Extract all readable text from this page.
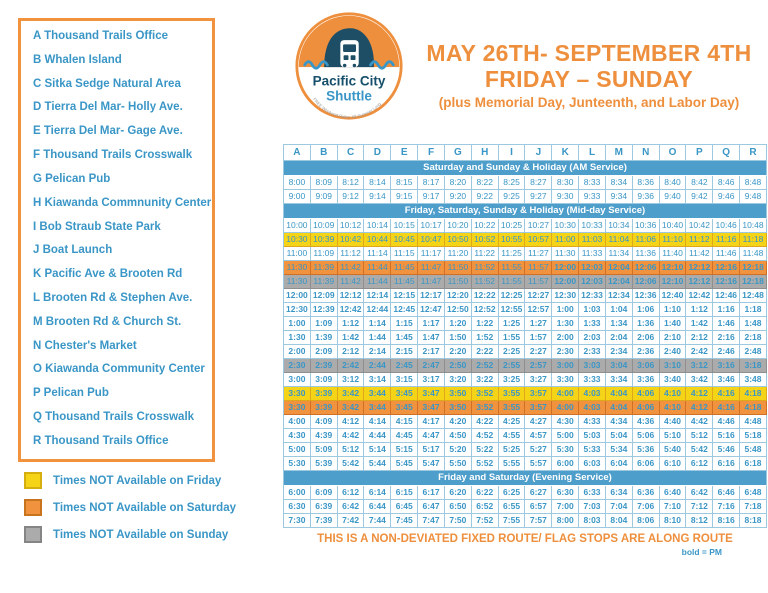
A Thousand Trails Office
B Whalen Island
C Sitka Sedge Natural Area
D Tierra Del Mar- Holly Ave.
E Tierra Del Mar- Gage Ave.
F Thousand Trails Crosswalk
G Pelican Pub
H Kiawanda Commnunity Center
I Bob Straub State Park
J Boat Launch
K Pacific Ave & Brooten Rd
L Brooten Rd & Stephen Ave.
M Brooten Rd & Church St.
N Chester's Market
O Kiawanda Community Center
P Pelican Pub
Q Thousand Trails Crosswalk
R Thousand Trails Office
Times NOT Available on Friday
Times NOT Available on Saturday
Times NOT Available on Sunday
Pacific City
Shuttle
FREE Weekend Rides, All Summer Long
MAY 26TH- SEPTEMBER 4TH
FRIDAY – SUNDAY
(plus Memorial Day, Junteenth, and Labor Day)
A	B	C	D	E	F	G	H	I	J	K	L	M	N	O	P	Q	R
Saturday and Sunday & Holiday (AM Service)
8:00	8:09	8:12	8:14	8:15	8:17	8:20	8:22	8:25	8:27	8:30	8:33	8:34	8:36	8:40	8:42	8:46	8:48
9:00	9:09	9:12	9:14	9:15	9:17	9:20	9:22	9:25	9:27	9:30	9:33	9:34	9:36	9:40	9:42	9:46	9:48
Friday, Saturday, Sunday & Holiday (Mid-day Service)
10:00 10:09 10:12 10:14 10:15 10:17 10:20 10:22 10:25 10:27 10:30 10:33 10:34 10:36 10:40 10:42 10:46 10:48
10:30 10:39 10:42 10:44 10:45 10:47 10:50 10:52 10:55 10:57 11:00 11:03 11:04 11:06 11:10 11:12 11:16 11:18
11:00 11:09 11:12 11:14 11:15 11:17 11:20 11:22 11:25 11:27 11:30 11:33 11:34 11:36 11:40 11:42 11:46 11:48
11:30 11:39 11:42 11:44 11:45 11:47 11:50 11:52 11:55 11:57 12:00 12:03 12:04 12:06 12:10 12:12 12:16 12:18
11:30 11:39 11:42 11:44 11:45 11:47 11:50 11:52 11:55 11:57 12:00 12:03 12:04 12:06 12:10 12:12 12:16 12:18
12:00 12:09 12:12 12:14 12:15 12:17 12:20 12:22 12:25 12:27 12:30 12:33 12:34 12:36 12:40 12:42 12:46 12:48
12:30 12:39 12:42 12:44 12:45 12:47 12:50 12:52 12:55 12:57 1:00	1:03	1:04	1:06	1:10	1:12	1:16	1:18
1:00	1:09	1:12	1:14	1:15	1:17	1:20	1:22	1:25	1:27	1:30	1:33	1:34	1:36	1:40	1:42	1:46	1:48
1:30	1:39	1:42	1:44	1:45	1:47	1:50	1:52	1:55	1:57	2:00	2:03	2:04	2:06	2:10	2:12	2:16	2:18
2:00	2:09	2:12	2:14	2:15	2:17	2:20	2:22	2:25	2:27	2:30	2:33	2:34	2:36	2:40	2:42	2:46	2:48
2:30	2:39	2:42	2:44	2:45	2:47	2:50	2:52	2:55	2:57	3:00	3:03	3:04	3:06	3:10	3:12	3:16	3:18
3:00	3:09	3:12	3:14	3:15	3:17	3:20	3:22	3:25	3:27	3:30	3:33	3:34	3:36	3:40	3:42	3:46	3:48
3:30	3:39	3:42	3:44	3:45	3:47	3:50	3:52	3:55	3:57	4:00	4:03	4:04	4:06	4:10	4:12	4:16	4:18
3:30	3:39	3:42	3:44	3:45	3:47	3:50	3:52	3:55	3:57	4:00	4:03	4:04	4:06	4:10	4:12	4:16	4:18
4:00	4:09	4:12	4:14	4:15	4:17	4:20	4:22	4:25	4:27	4:30	4:33	4:34	4:36	4:40	4:42	4:46	4:48
4:30	4:39	4:42	4:44	4:45	4:47	4:50	4:52	4:55	4:57	5:00	5:03	5:04	5:06	5:10	5:12	5:16	5:18
5:00	5:09	5:12	5:14	5:15	5:17	5:20	5:22	5:25	5:27	5:30	5:33	5:34	5:36	5:40	5:42	5:46	5:48
5:30	5:39	5:42	5:44	5:45	5:47	5:50	5:52	5:55	5:57	6:00	6:03	6:04	6:06	6:10	6:12	6:16	6:18
Friday and Saturday (Evening Service)
6:00	6:09	6:12	6:14	6:15	6:17	6:20	6:22	6:25	6:27	6:30	6:33	6:34	6:36	6:40	6:42	6:46	6:48
6:30	6:39	6:42	6:44	6:45	6:47	6:50	6:52	6:55	6:57	7:00	7:03	7:04	7:06	7:10	7:12	7:16	7:18
7:30	7:39	7:42	7:44	7:45	7:47	7:50	7:52	7:55	7:57	8:00	8:03	8:04	8:06	8:10	8:12	8:16	8:18
THIS IS A NON-DEVIATED FIXED ROUTE/ FLAG STOPS ARE ALONG ROUTE
bold = PM
